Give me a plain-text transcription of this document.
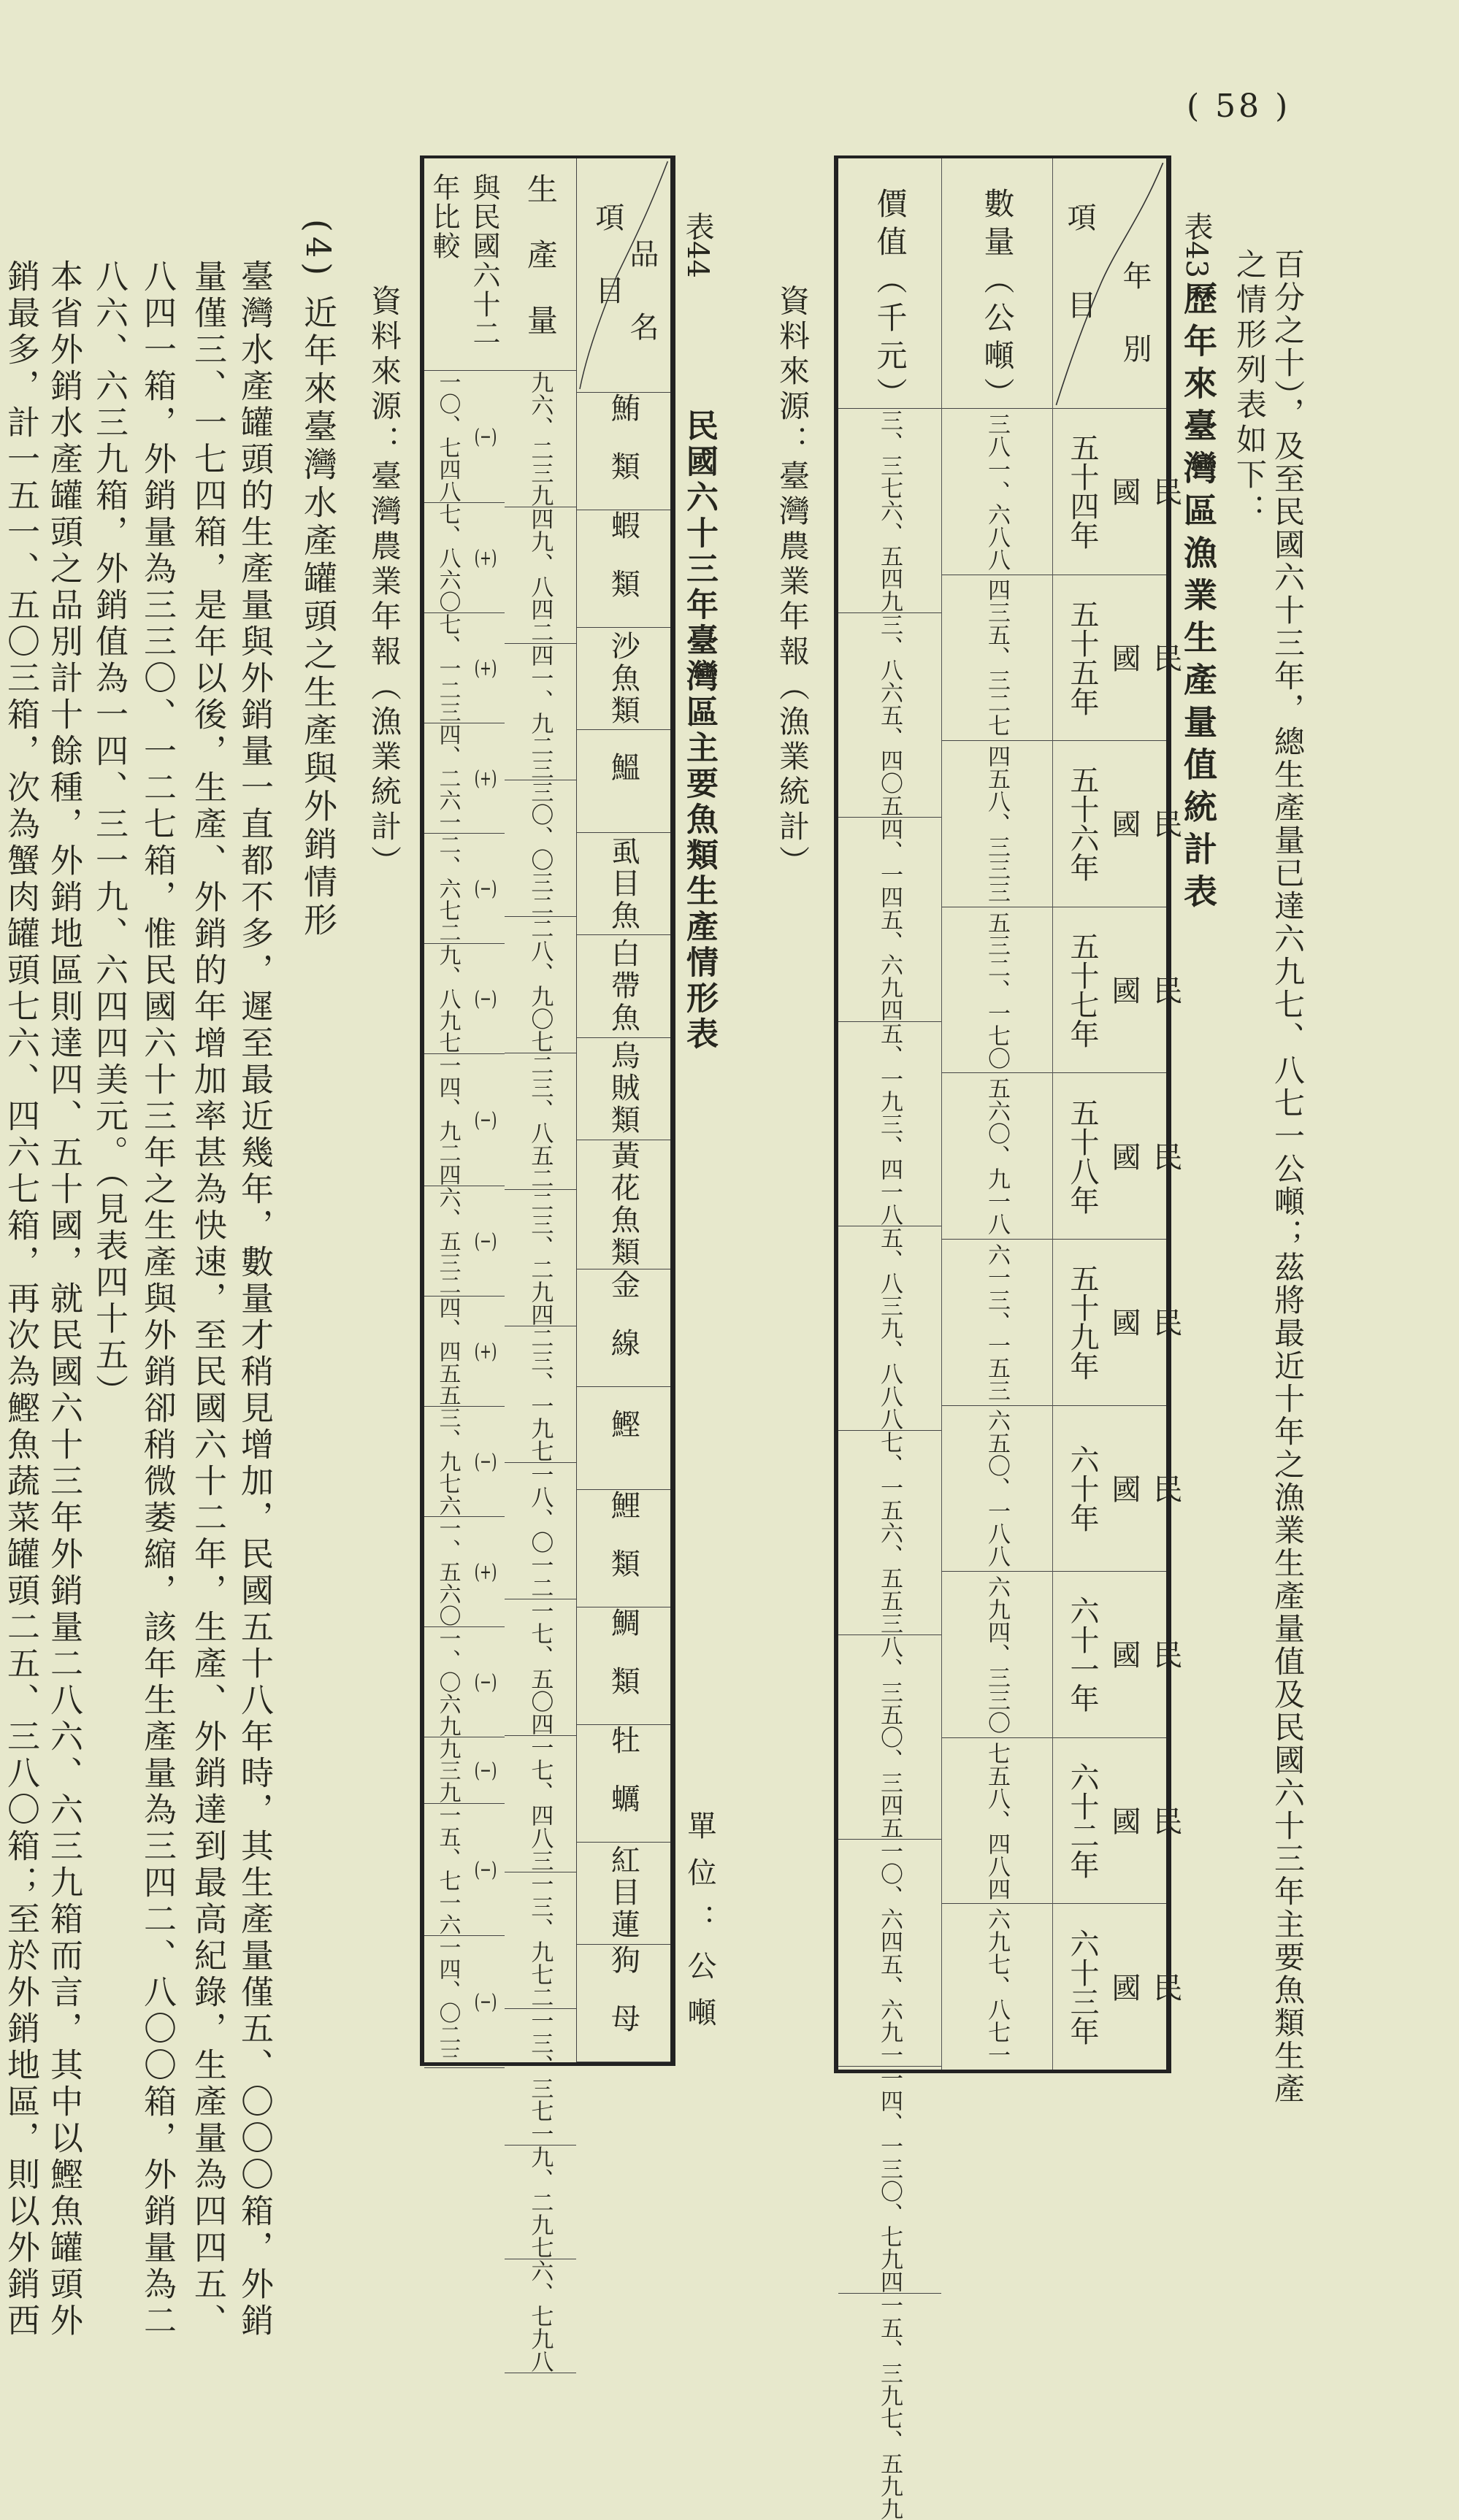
( 58 )
百分之十），及至民國六十三年，總生產量已達六九七、八七一公噸；茲將最近十年之漁業生產量值及民國六十三年主要魚類生產
之情形列表如下：
表43
歷年來臺灣區漁業生產量值統計表
項目 年別
民
國
五十四年
民
國
五十五年
民
國
五十六年
民
國
五十七年
民
國
五十八年
民
國
五十九年
民
國
六十年
民
國
六十一年
民
國
六十二年
民
國
六十三年
數量（公噸）
三八一、六八八
四三五、三二七
四五八、三三三
五三二、一七〇
五六〇、九一八
六一三、一五三
六五〇、一八八
六九四、三三〇
七五八、四八四
六九七、八七一
價值（千元）
三、三七六、五四九
三、八六五、四〇五
四、一四五、六九四
五、一九三、四一八
五、八三九、八八八
七、一五六、五五三
八、三五〇、三四五
一〇、六四五、六九一
一四、一三〇、七九四
一五、三九七、五九九
資料來源：臺灣農業年報（漁業統計）
表44
民國六十三年臺灣區主要魚類生產情形表
單位：公噸
項目 品名
鮪類
蝦類
沙魚類
鰮
虱目魚
白帶魚
烏賊類
黃花魚類
金線
鰹
鯉類
鯛類
牡蠣
紅目蓮
狗母
生產量
九六、二三九
四九、八四二
四一、九二三
三〇、〇三二
二八、九〇七
二三、八五二
二三、二九四
二三、一九七
一八、〇一二
一七、五〇四
一七、四八三
一三、九七二
一三、三七一
九、二九七
六、七九八
與民國六十二年比較
(−)
一〇、七四八
(+)
七、八六〇
(+)
七、一二三
(+)
四、二六一
(−)
二、六七二
(−)
九、八九七
(−)
一四、九二四
(−)
六、五三二
(+)
四、四五五
(−)
三、九七六
(+)
一、五六〇
(−)
一、〇六九
(−)
九三九
(−)
一五、七一六
(−)
一四、〇二三
資料來源：臺灣農業年報（漁業統計）
(4) 近年來臺灣水產罐頭之生產與外銷情形
臺灣水產罐頭的生產量與外銷量一直都不多，遲至最近幾年，數量才稍見增加，民國五十八年時，其生產量僅五、〇〇〇箱，外銷
量僅三、一七四箱，是年以後，生產、外銷的年增加率甚為快速，至民國六十二年，生產、外銷達到最高紀錄，生產量為四四五、
八四一箱，外銷量為三三〇、一二七箱，惟民國六十三年之生產與外銷卻稍微萎縮，該年生產量為三四二、八〇〇箱，外銷量為二
八六、六三九箱，外銷值為一四、三一九、六四四美元。（見表四十五）
本省外銷水產罐頭之品別計十餘種，外銷地區則達四、五十國，就民國六十三年外銷量二八六、六三九箱而言，其中以鰹魚罐頭外
銷最多，計一五一、五〇三箱，次為蟹肉罐頭七六、四六七箱，再次為鰹魚蔬菜罐頭二五、三八〇箱；至於外銷地區，則以外銷西
